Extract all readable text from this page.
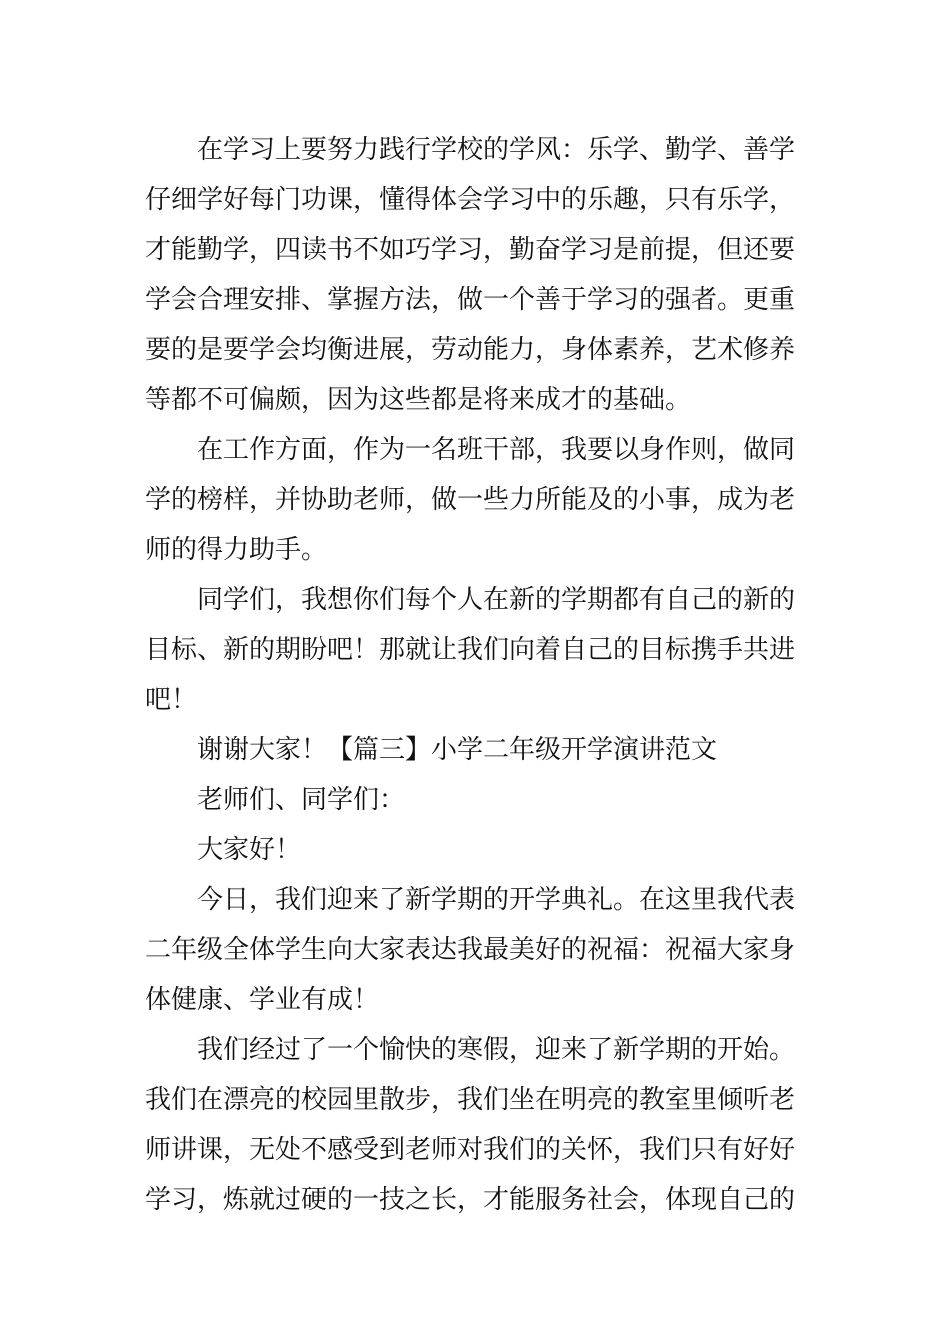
在学习上要努力践行学校的学风：乐学、勤学、善学
仔细学好每门功课，懂得体会学习中的乐趣，只有乐学，
才能勤学，四读书不如巧学习，勤奋学习是前提，但还要
学会合理安排、掌握方法，做一个善于学习的强者。更重
要的是要学会均衡进展，劳动能力，身体素养，艺术修养
等都不可偏颇，因为这些都是将来成才的基础。
在工作方面，作为一名班干部，我要以身作则，做同
学的榜样，并协助老师，做一些力所能及的小事，成为老
师的得力助手。
同学们，我想你们每个人在新的学期都有自己的新的
目标、新的期盼吧！那就让我们向着自己的目标携手共进
吧！
谢谢大家！【篇三】小学二年级开学演讲范文
老师们、同学们：
大家好！
今日，我们迎来了新学期的开学典礼。在这里我代表
二年级全体学生向大家表达我最美好的祝福：祝福大家身
体健康、学业有成！
我们经过了一个愉快的寒假，迎来了新学期的开始。
我们在漂亮的校园里散步，我们坐在明亮的教室里倾听老
师讲课，无处不感受到老师对我们的关怀，我们只有好好
学习，炼就过硬的一技之长，才能服务社会，体现自己的
